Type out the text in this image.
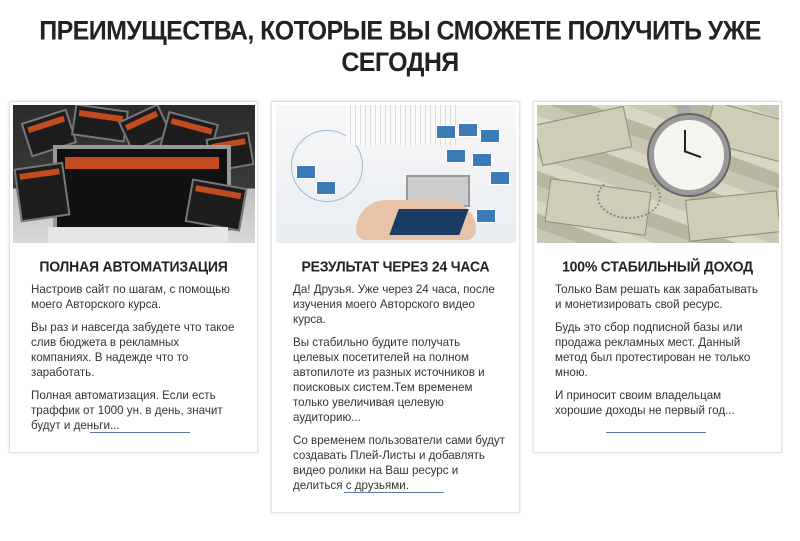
ПРЕИМУЩЕСТВА, КОТОРЫЕ ВЫ СМОЖЕТЕ ПОЛУЧИТЬ УЖЕ СЕГОДНЯ
ПОЛНАЯ АВТОМАТИЗАЦИЯ

Настроив сайт по шагам, с помощью моего Авторского курса.

Вы раз и навсегда забудете что такое слив бюджета в рекламных компаниях. В надежде что то заработать.

Полная автоматизация. Если есть траффик от 1000 ун. в день, значит будут и деньги...

РЕЗУЛЬТАТ ЧЕРЕЗ 24 ЧАСА

Да! Друзья. Уже через 24 часа, после изучения моего Авторского видео курса.

Вы стабильно будите получать целевых посетителей на полном автопилоте из разных источников и поисковых систем.Тем временем только увеличивая целевую аудиторию...

Со временем пользователи сами будут создавать Плей-Листы и добавлять видео ролики на Ваш ресурс и делиться с друзьями.

100% СТАБИЛЬНЫЙ ДОХОД

Только Вам решать как зарабатывать и монетизировать свой ресурс.

Будь это сбор подписной базы или продажа рекламных мест. Данный метод был протестирован не только мною.

И приносит своим владельцам хорошие доходы не первый год...
